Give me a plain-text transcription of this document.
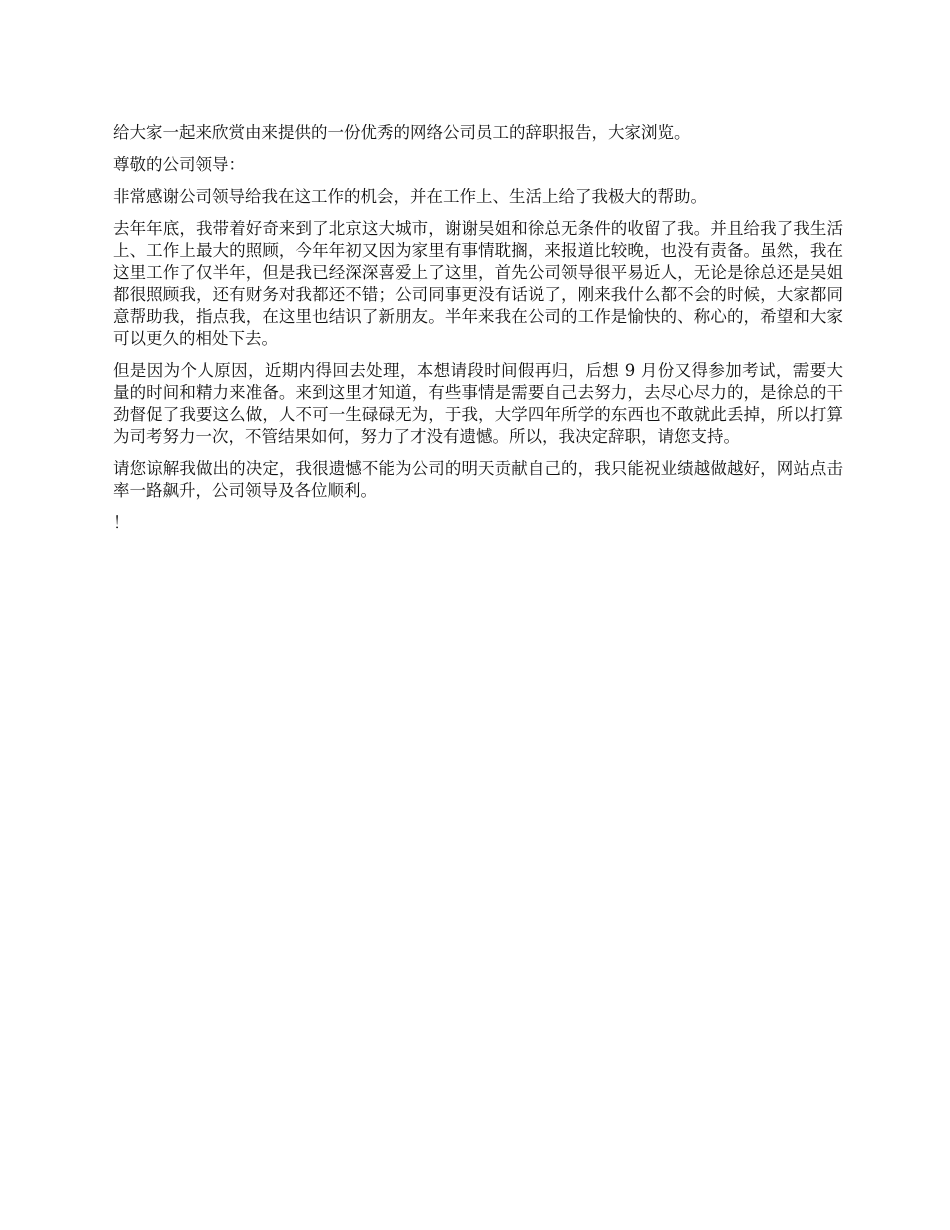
给大家一起来欣赏由来提供的一份优秀的网络公司员工的辞职报告，大家浏览。

尊敬的公司领导：

非常感谢公司领导给我在这工作的机会，并在工作上、生活上给了我极大的帮助。

去年年底，我带着好奇来到了北京这大城市，谢谢吴姐和徐总无条件的收留了我。并且给我了我生活上、工作上最大的照顾，今年年初又因为家里有事情耽搁，来报道比较晚，也没有责备。虽然，我在这里工作了仅半年，但是我已经深深喜爱上了这里，首先公司领导很平易近人，无论是徐总还是吴姐都很照顾我，还有财务对我都还不错；公司同事更没有话说了，刚来我什么都不会的时候，大家都同意帮助我，指点我，在这里也结识了新朋友。半年来我在公司的工作是愉快的、称心的，希望和大家可以更久的相处下去。

但是因为个人原因，近期内得回去处理，本想请段时间假再归，后想 9 月份又得参加考试，需要大量的时间和精力来准备。来到这里才知道，有些事情是需要自己去努力，去尽心尽力的，是徐总的干劲督促了我要这么做，人不可一生碌碌无为，于我，大学四年所学的东西也不敢就此丢掉，所以打算为司考努力一次，不管结果如何，努力了才没有遗憾。所以，我决定辞职，请您支持。

请您谅解我做出的决定，我很遗憾不能为公司的明天贡献自己的，我只能祝业绩越做越好，网站点击率一路飙升，公司领导及各位顺利。

！
